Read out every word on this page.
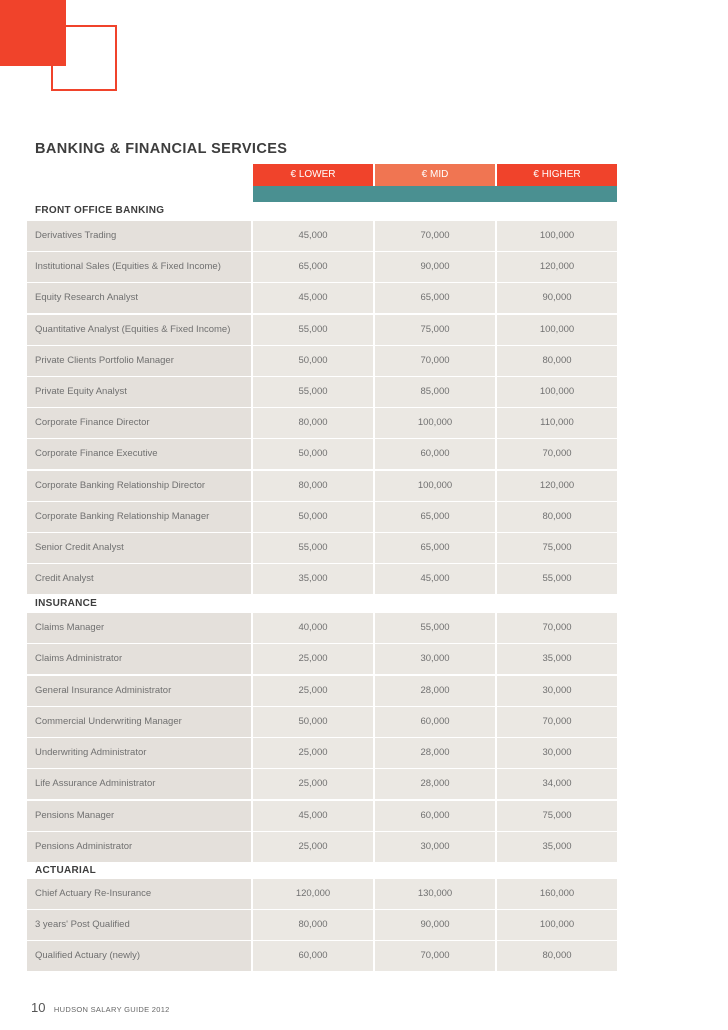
BANKING & FINANCIAL SERVICES
€ LOWER	€ MID	€ HIGHER
FRONT OFFICE BANKING
Derivatives Trading	45,000	70,000	100,000
Institutional Sales (Equities & Fixed Income)	65,000	90,000	120,000
Equity Research Analyst	45,000	65,000	90,000
Quantitative Analyst (Equities & Fixed Income)	55,000	75,000	100,000
Private Clients Portfolio Manager	50,000	70,000	80,000
Private Equity Analyst	55,000	85,000	100,000
Corporate Finance Director	80,000	100,000	110,000
Corporate Finance Executive	50,000	60,000	70,000
Corporate Banking Relationship Director	80,000	100,000	120,000
Corporate Banking Relationship Manager	50,000	65,000	80,000
Senior Credit Analyst	55,000	65,000	75,000
Credit Analyst	35,000	45,000	55,000
INSURANCE
Claims Manager	40,000	55,000	70,000
Claims Administrator	25,000	30,000	35,000
General Insurance Administrator	25,000	28,000	30,000
Commercial Underwriting Manager	50,000	60,000	70,000
Underwriting Administrator	25,000	28,000	30,000
Life Assurance Administrator	25,000	28,000	34,000
Pensions Manager	45,000	60,000	75,000
Pensions Administrator	25,000	30,000	35,000
ACTUARIAL
Chief Actuary Re-Insurance	120,000	130,000	160,000
3 years' Post Qualified	80,000	90,000	100,000
Qualified Actuary (newly)	60,000	70,000	80,000
10 HUDSON SALARY GUIDE 2012
